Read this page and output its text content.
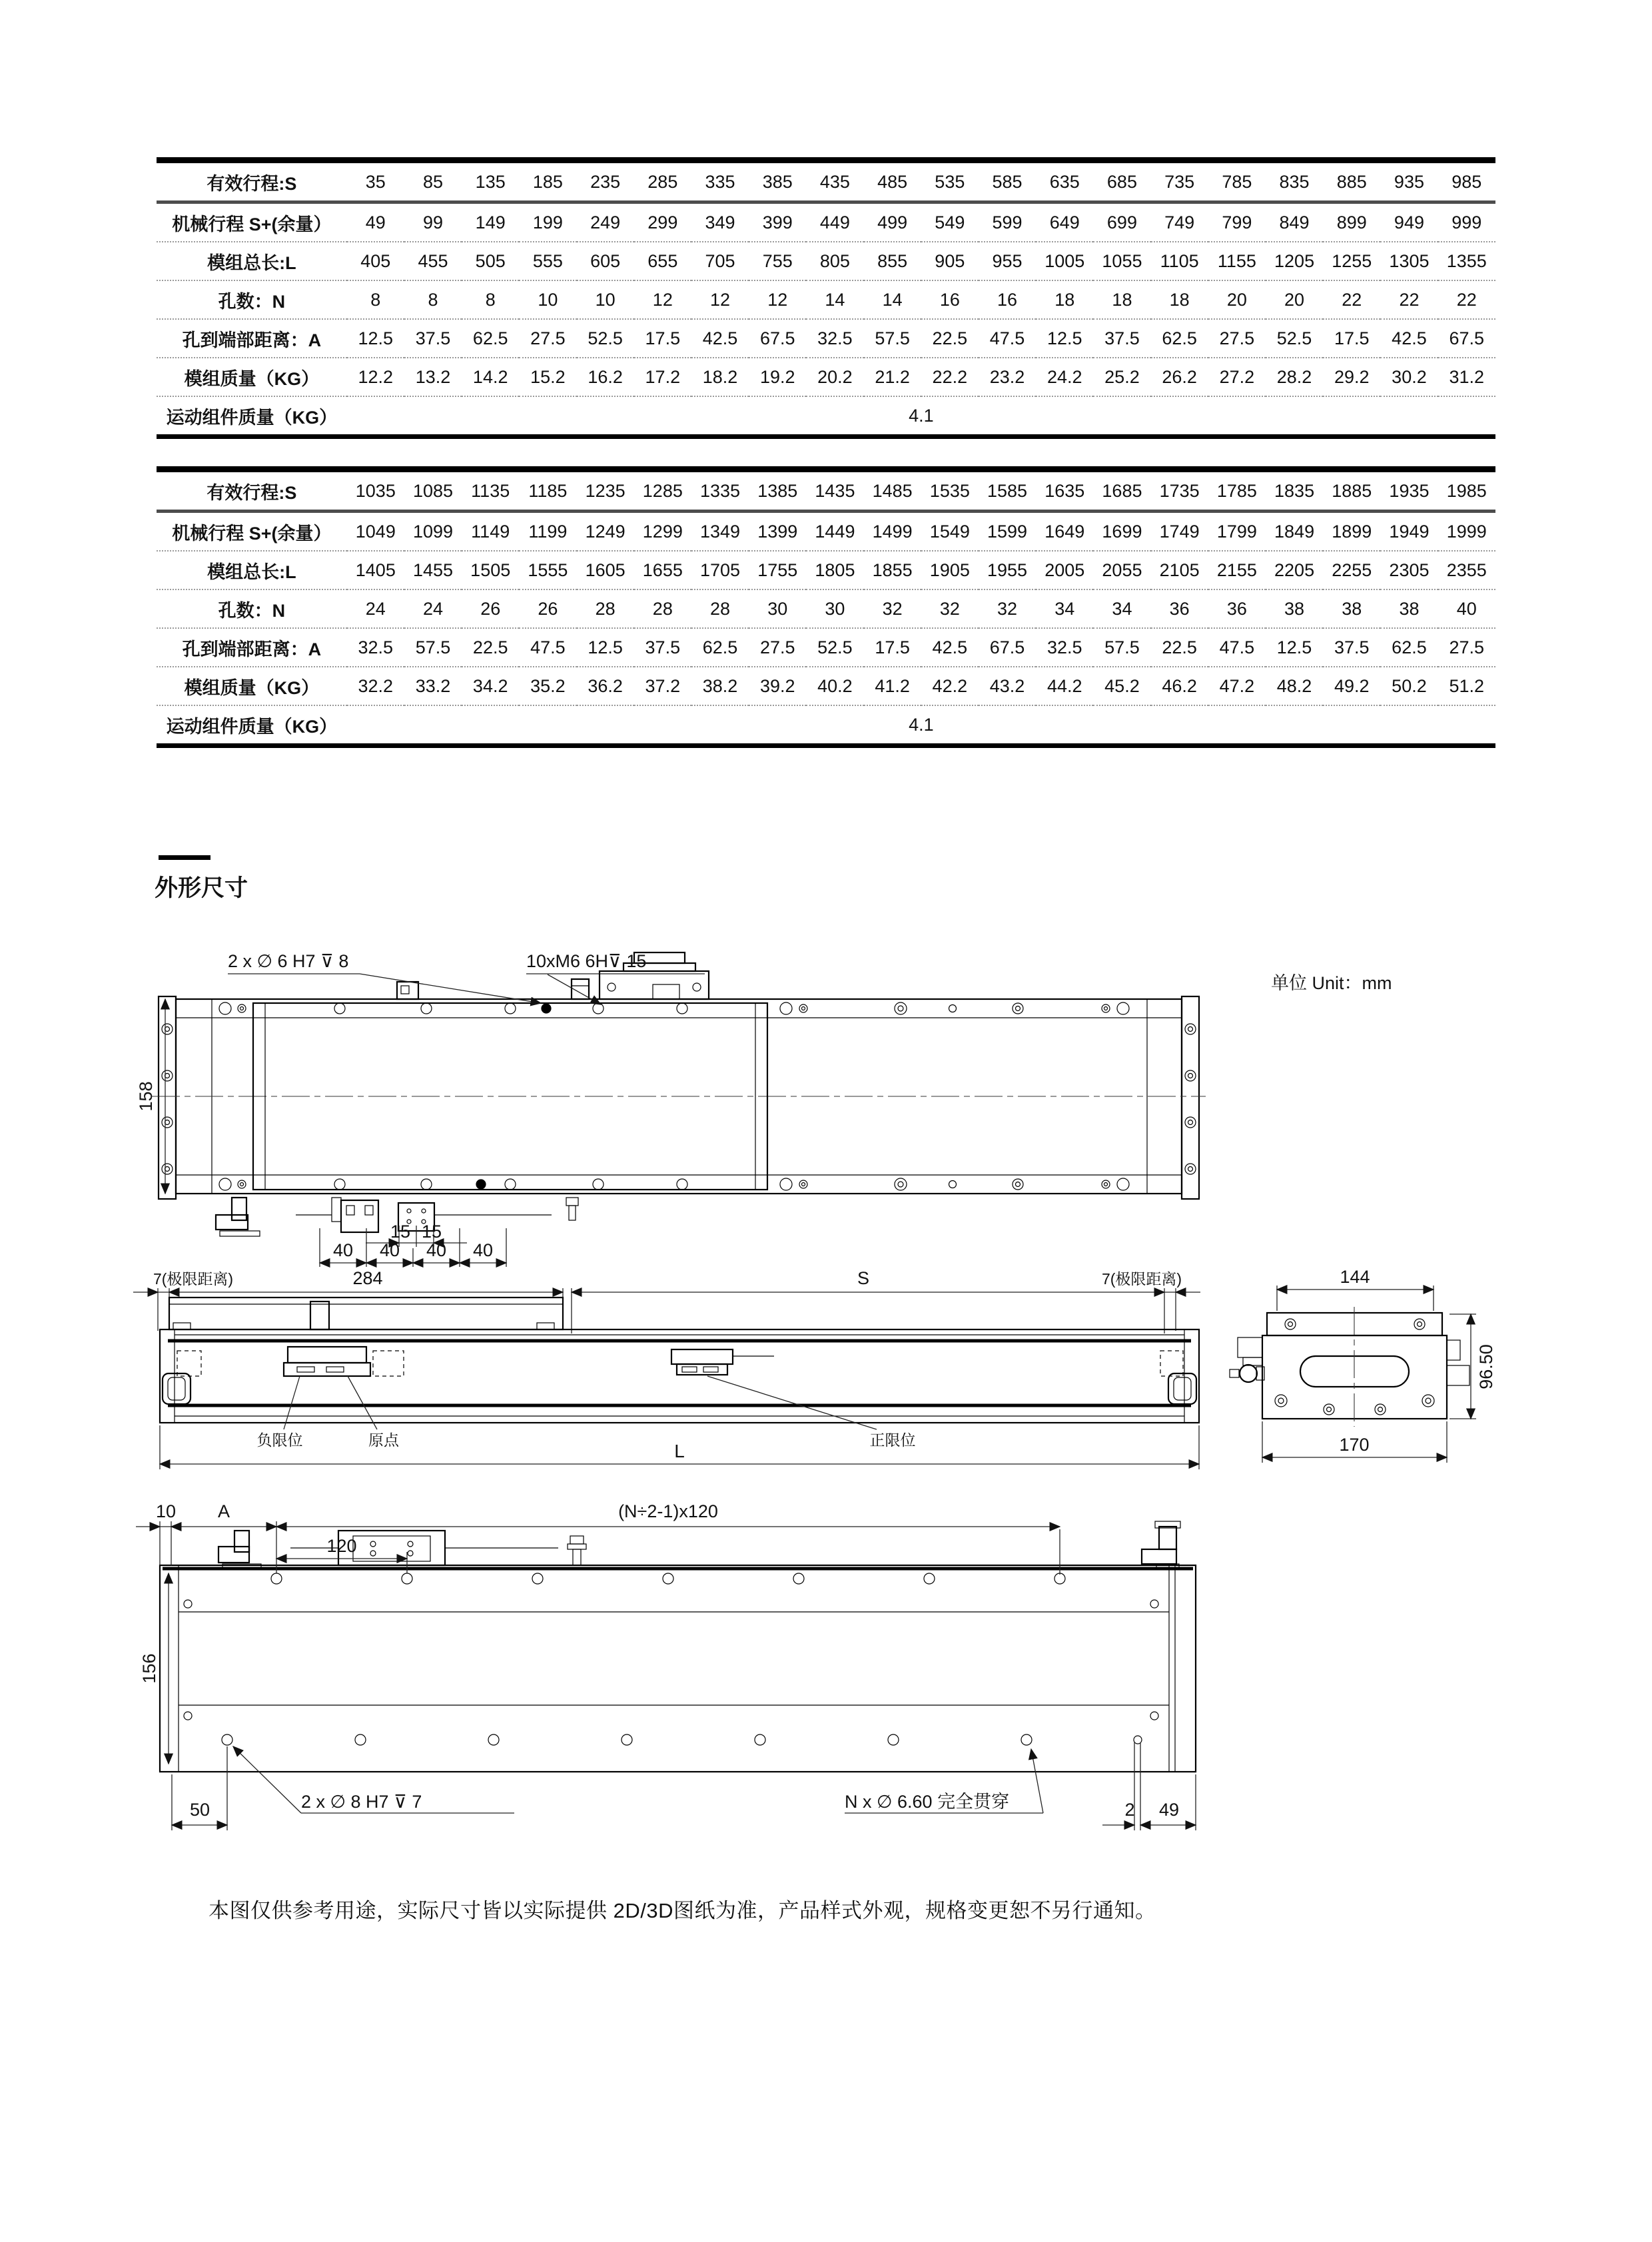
有效行程:S	35	85	135	185	235	285	335	385	435	485	535	585	635	685	735	785	835	885	935	985
机械行程 S+(余量）	49	99	149	199	249	299	349	399	449	499	549	599	649	699	749	799	849	899	949	999
模组总长:L	405	455	505	555	605	655	705	755	805	855	905	955	1005	1055	1105	1155	1205	1255	1305	1355
孔数：N	8	8	8	10	10	12	12	12	14	14	16	16	18	18	18	20	20	22	22	22
孔到端部距离：A	12.5	37.5	62.5	27.5	52.5	17.5	42.5	67.5	32.5	57.5	22.5	47.5	12.5	37.5	62.5	27.5	52.5	17.5	42.5	67.5
模组质量（KG）	12.2	13.2	14.2	15.2	16.2	17.2	18.2	19.2	20.2	21.2	22.2	23.2	24.2	25.2	26.2	27.2	28.2	29.2	30.2	31.2
运动组件质量（KG）	4.1																			
有效行程:S	1035	1085	1135	1185	1235	1285	1335	1385	1435	1485	1535	1585	1635	1685	1735	1785	1835	1885	1935	1985
机械行程 S+(余量）	1049	1099	1149	1199	1249	1299	1349	1399	1449	1499	1549	1599	1649	1699	1749	1799	1849	1899	1949	1999
模组总长:L	1405	1455	1505	1555	1605	1655	1705	1755	1805	1855	1905	1955	2005	2055	2105	2155	2205	2255	2305	2355
孔数：N	24	24	26	26	28	28	28	30	30	32	32	32	34	34	36	36	38	38	38	40
孔到端部距离：A	32.5	57.5	22.5	47.5	12.5	37.5	62.5	27.5	52.5	17.5	42.5	67.5	32.5	57.5	22.5	47.5	12.5	37.5	62.5	27.5
模组质量（KG）	32.2	33.2	34.2	35.2	36.2	37.2	38.2	39.2	40.2	41.2	42.2	43.2	44.2	45.2	46.2	47.2	48.2	49.2	50.2	51.2
运动组件质量（KG）	4.1																			
外形尺寸
单位 Unit：mm
2 x ∅ 6 H7 ⊽ 8	10xM6 6H⊽ 15
158
15 15
40 40 40 40
7(极限距离)	284	S	7(极限距离)
负限位	原点	正限位
L
144
96.50
170
10 A	(N÷2-1)x120
120
156
50	2 x ∅ 8 H7 ⊽ 7	N x ∅ 6.60 完全贯穿	2 49
本图仅供参考用途，实际尺寸皆以实际提供 2D/3D图纸为准，产品样式外观，规格变更恕不另行通知。
